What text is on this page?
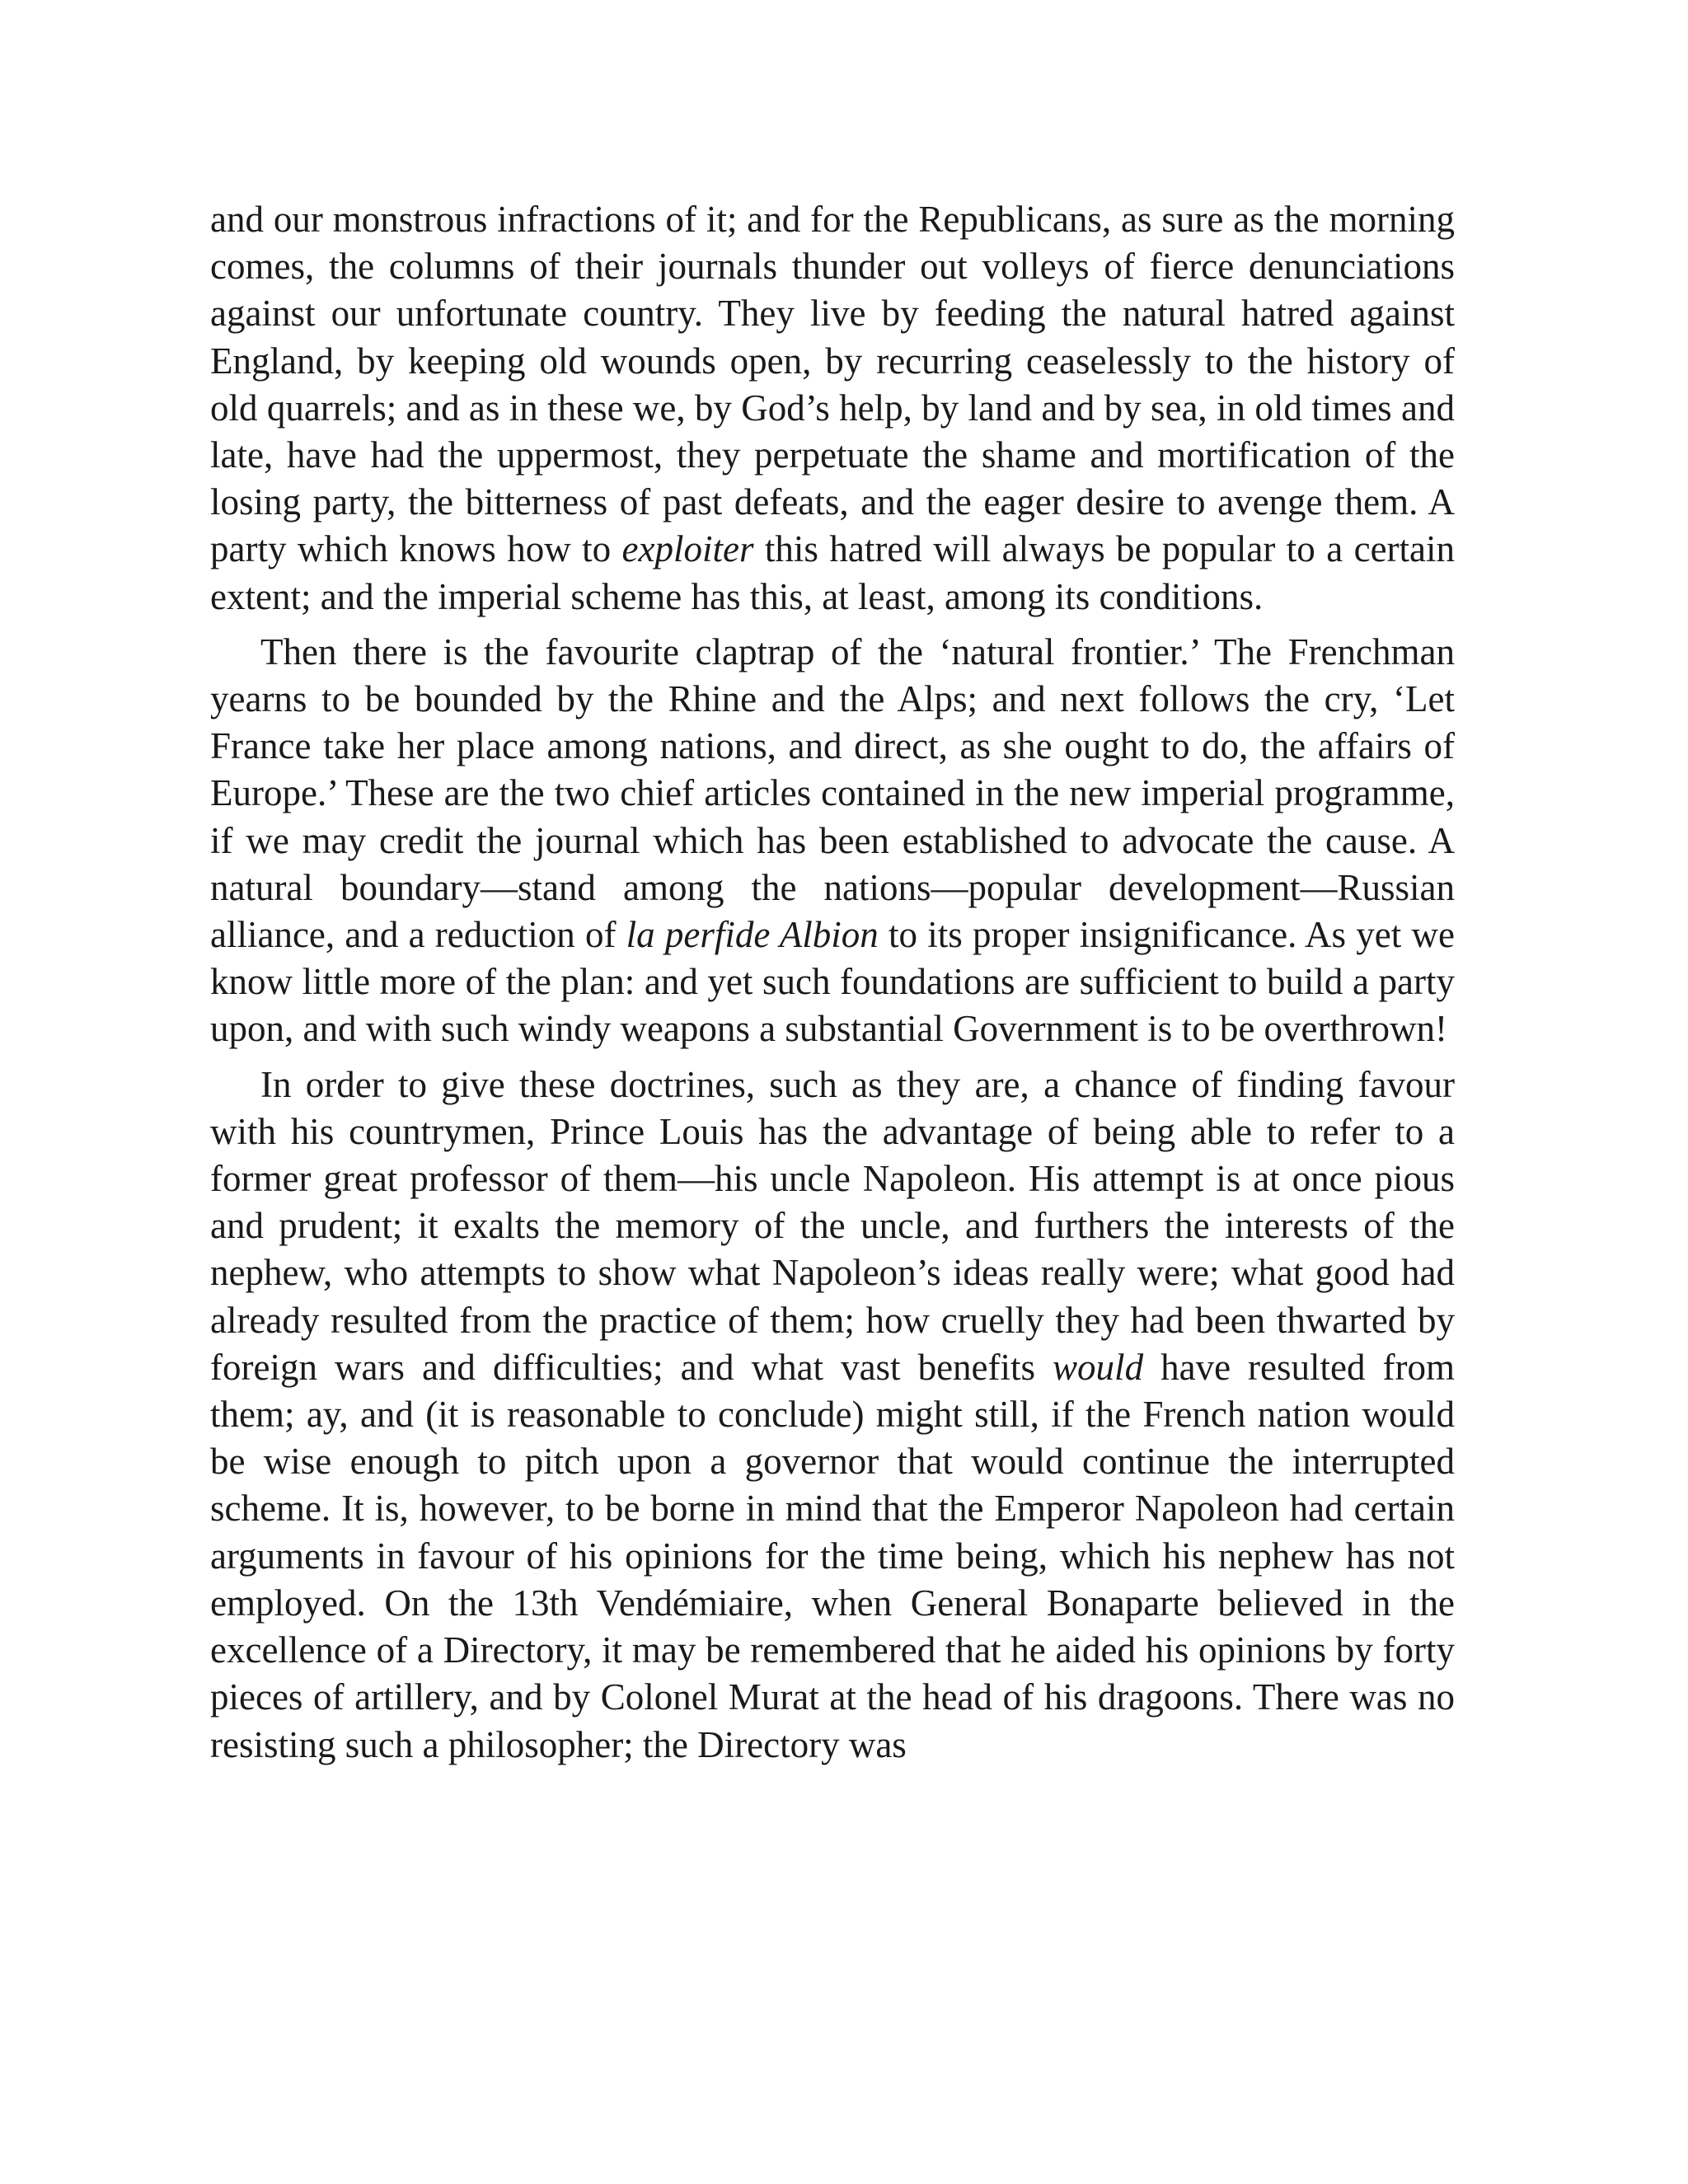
and our monstrous infractions of it; and for the Republicans, as sure as the morning comes, the columns of their journals thunder out volleys of fierce denunciations against our unfortunate country. They live by feeding the natural hatred against England, by keeping old wounds open, by recurring ceaselessly to the history of old quarrels; and as in these we, by God’s help, by land and by sea, in old times and late, have had the uppermost, they perpetuate the shame and mortification of the losing party, the bitterness of past defeats, and the eager desire to avenge them. A party which knows how to exploiter this hatred will always be popular to a certain extent; and the imperial scheme has this, at least, among its conditions.

Then there is the favourite claptrap of the ‘natural frontier.’ The Frenchman yearns to be bounded by the Rhine and the Alps; and next follows the cry, ‘Let France take her place among nations, and direct, as she ought to do, the affairs of Europe.’ These are the two chief articles contained in the new imperial programme, if we may credit the journal which has been established to advocate the cause. A natural boundary—stand among the nations—popular development—Russian alliance, and a reduction of la perfide Albion to its proper insignificance. As yet we know little more of the plan: and yet such foundations are sufficient to build a party upon, and with such windy weapons a substantial Government is to be overthrown!

In order to give these doctrines, such as they are, a chance of finding favour with his countrymen, Prince Louis has the advantage of being able to refer to a former great professor of them—his uncle Napoleon. His attempt is at once pious and prudent; it exalts the memory of the uncle, and furthers the interests of the nephew, who attempts to show what Napoleon’s ideas really were; what good had already resulted from the practice of them; how cruelly they had been thwarted by foreign wars and difficulties; and what vast benefits would have resulted from them; ay, and (it is reasonable to conclude) might still, if the French nation would be wise enough to pitch upon a governor that would continue the interrupted scheme. It is, however, to be borne in mind that the Emperor Napoleon had certain arguments in favour of his opinions for the time being, which his nephew has not employed. On the 13th Vendémiaire, when General Bonaparte believed in the excellence of a Directory, it may be remembered that he aided his opinions by forty pieces of artillery, and by Colonel Murat at the head of his dragoons. There was no resisting such a philosopher; the Directory was
